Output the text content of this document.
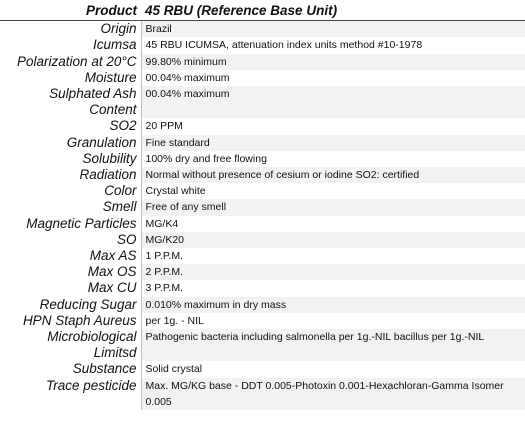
Product	45 RBU (Reference Base Unit)
Origin	Brazil
Icumsa	45 RBU ICUMSA, attenuation index units method #10-1978
Polarization at 20°C	99.80% minimum
Moisture	00.04% maximum
Sulphated Ash
Content	00.04% maximum
SO2	20 PPM
Granulation	Fine standard
Solubility	100% dry and free flowing
Radiation	Normal without presence of cesium or iodine SO2: certified
Color	Crystal white
Smell	Free of any smell
Magnetic Particles	MG/K4
SO	MG/K20
Max AS	1 P.P.M.
Max OS	2 P.P.M.
Max CU	3 P.P.M.
Reducing Sugar	0.010% maximum in dry mass
HPN Staph Aureus	per 1g. - NIL
Microbiological
Limitsd	Pathogenic bacteria including salmonella per 1g.-NIL bacillus per 1g.-NIL
Substance	Solid crystal
Trace pesticide	Max. MG/KG base - DDT 0.005-Photoxin 0.001-Hexachloran-Gamma Isomer 0.005
